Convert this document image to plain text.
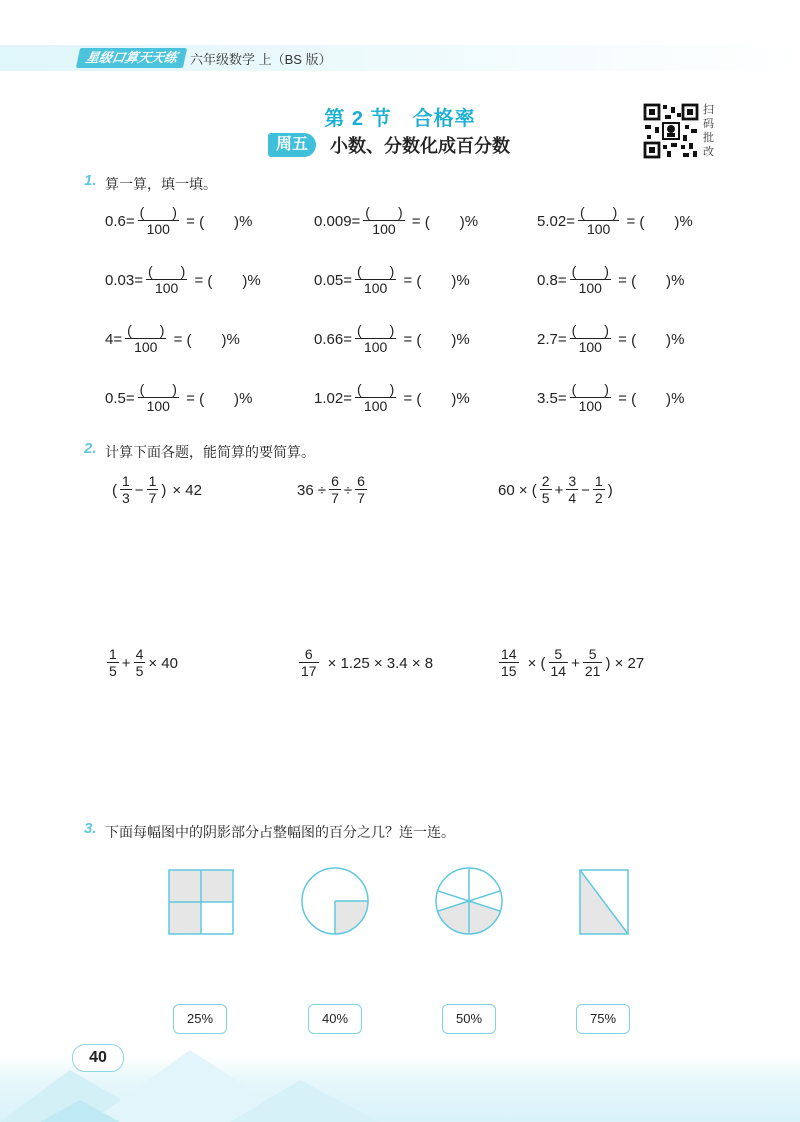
星级口算天天练 六年级数学 上（BS 版）
第 2 节　合格率
周五	小数、分数化成百分数
扫
码
批
改
1. 算一算，填一填。
$0.6= \frac{( )}{100}$ = (　　) %	$0.009= \frac{( )}{100}$ = (　　) %	$5.02= \frac{( )}{100}$ = (　　) %
$0.03= \frac{( )}{100}$ = (　　) %	$0.05= \frac{( )}{100}$ = (　　) %	$0.8= \frac{( )}{100}$ = (　　) %
$4= \frac{( )}{100}$ = (　　) %	$0.66= \frac{( )}{100}$ = (　　) %	$2.7= \frac{( )}{100}$ = (　　) %
$0.5= \frac{( )}{100}$ = (　　) %	$1.02= \frac{( )}{100}$ = (　　) %	$3.5= \frac{( )}{100}$ = (　　) %
2. 计算下面各题，能简算的要简算。
( $\frac{1}{3} - \frac{1}{7}$ ) × 42	$36 \div \frac{6}{7} \div \frac{6}{7}$	60 × ( $\frac{2}{5} + \frac{3}{4} - \frac{1}{2}$ )
$\frac{1}{5} + \frac{4}{5} \times 40$	$\frac{6}{17} \times 1.25 \times 3.4 \times 8$	$\frac{14}{15}$ × ( $\frac{5}{14} + \frac{5}{21}$ ) × 27
3. 下面每幅图中的阴影部分占整幅图的百分之几？连一连。
25%	40%	50%	75%
40
